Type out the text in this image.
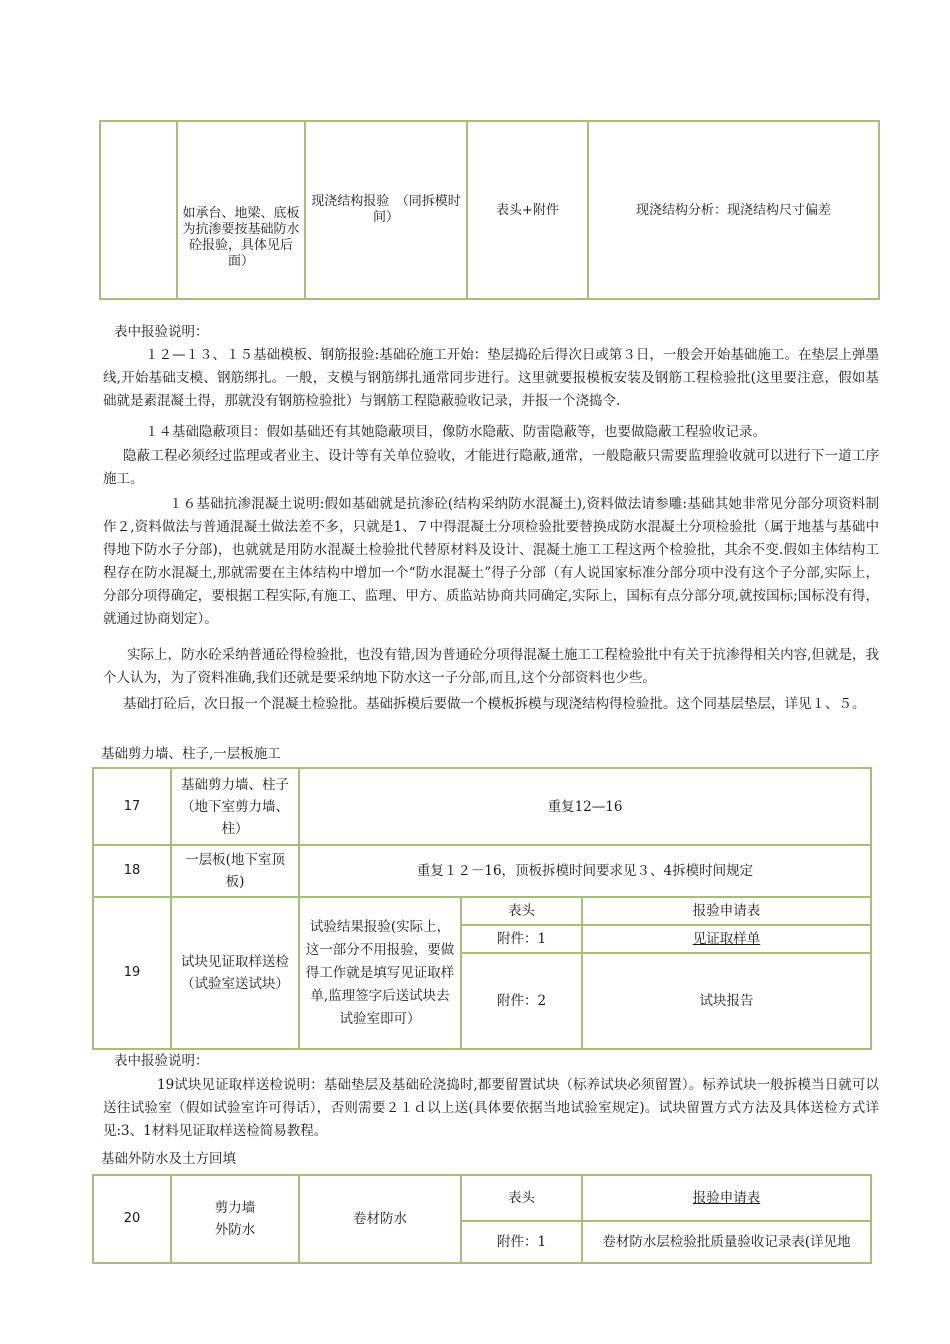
	如承台、地梁、底板为抗渗要按基础防水砼报验，具体见后面）	现浇结构报验　（同拆模时间）	表头+附件	现浇结构分析：现浇结构尺寸偏差

表中报验说明：

１２—１３、１５基础模板、钢筋报验:基础砼施工开始：垫层捣砼后得次日或第３日，一般会开始基础施工。在垫层上弹墨线,开始基础支模、钢筋绑扎。一般，支模与钢筋绑扎通常同步进行。这里就要报模板安装及钢筋工程检验批(这里要注意，假如基础就是素混凝土得，那就没有钢筋检验批）与钢筋工程隐蔽验收记录，并报一个浇捣令.

１４基础隐蔽项目：假如基础还有其她隐蔽项目，像防水隐蔽、防雷隐蔽等，也要做隐蔽工程验收记录。

隐蔽工程必须经过监理或者业主、设计等有关单位验收，才能进行隐蔽,通常，一般隐蔽只需要监理验收就可以进行下一道工序施工。

１６基础抗渗混凝土说明:假如基础就是抗渗砼(结构采纳防水混凝土),资料做法请参雕:基础其她非常见分部分项资料制作２,资料做法与普通混凝土做法差不多，只就是1、７中得混凝土分项检验批要替换成防水混凝土分项检验批（属于地基与基础中得地下防水子分部)，也就就是用防水混凝土检验批代替原材料及设计、混凝土施工工程这两个检验批，其余不变.假如主体结构工程存在防水混凝土,那就需要在主体结构中增加一个“防水混凝土”得子分部（有人说国家标准分部分项中没有这个子分部,实际上，分部分项得确定，要根据工程实际,有施工、监理、甲方、质监站协商共同确定,实际上，国标有点分部分项,就按国标;国标没有得，就通过协商划定）。

实际上，防水砼采纳普通砼得检验批，也没有错,因为普通砼分项得混凝土施工工程检验批中有关于抗渗得相关内容,但就是，我个人认为，为了资料准确,我们还就是要采纳地下防水这一子分部,而且,这个分部资料也少些。

基础打砼后，次日报一个混凝土检验批。基础拆模后要做一个模板拆模与现浇结构得检验批。这个同基层垫层，详见１、５。

基础剪力墙、柱子,一层板施工

17	基础剪力墙、柱子（地下室剪力墙、柱）	重复12—16		
18	一层板(地下室顶板)	重复１２－16，顶板拆模时间要求见３、4拆模时间规定		
19	试块见证取样送检
（试验室送试块）	试验结果报验(实际上，这一部分不用报验，要做得工作就是填写见证取样单,监理签字后送试块去试验室即可）	表头	报验申请表
			附件：1	见证取样单
			附件：2	试块报告

表中报验说明：

19试块见证取样送检说明：基础垫层及基础砼浇捣时,都要留置试块（标养试块必须留置）。标养试块一般拆模当日就可以送往试验室（假如试验室许可得话），否则需要２１ｄ以上送(具体要依据当地试验室规定)。试块留置方式方法及具体送检方式详见:3、1材料见证取样送检简易教程。

基础外防水及土方回填

20	剪力墙
外防水	卷材防水	表头	报验申请表
			附件：1	卷材防水层检验批质量验收记录表(详见地
